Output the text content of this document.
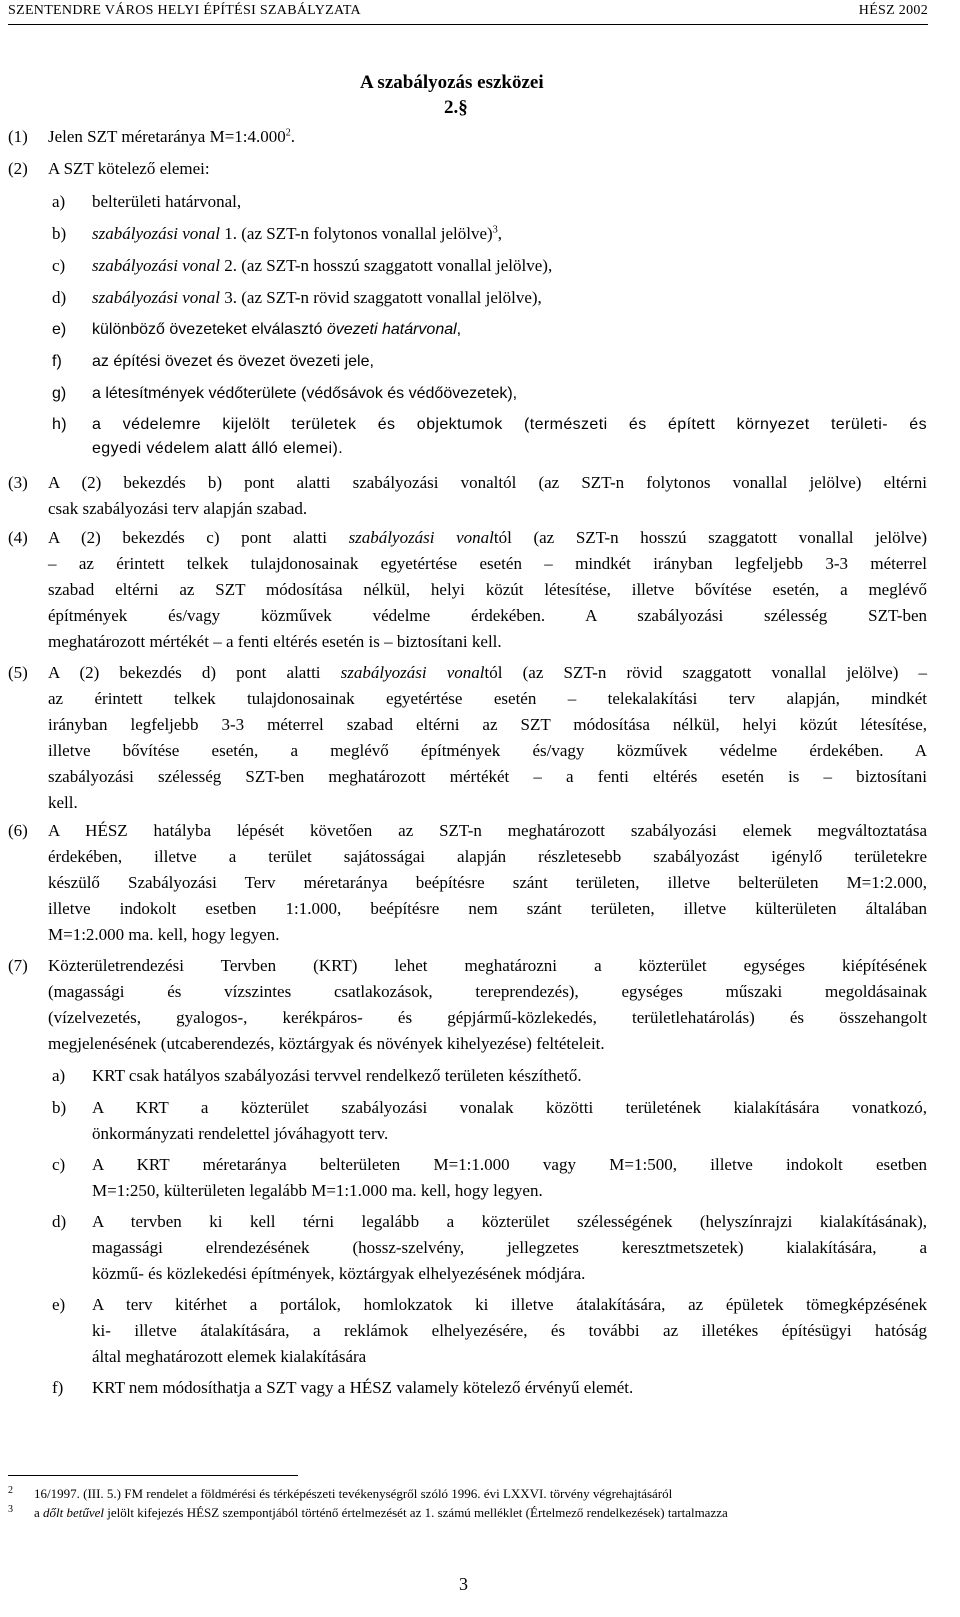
SZENTENDRE VÁROS HELYI ÉPÍTÉSI SZABÁLYZATA	HÉSZ 2002

A szabályozás eszközei

2.§

(1) Jelen SZT méretaránya $M=1:4.000^2$.
(2) A SZT kötelező elemei:
a) belterületi határvonal,
b) szabályozási vonal 1. (az SZT-n folytonos vonallal jelölve)$^3$,
c) szabályozási vonal 2. (az SZT-n hosszú szaggatott vonallal jelölve),
d) szabályozási vonal 3. (az SZT-n rövid szaggatott vonallal jelölve),
e) különböző övezeteket elválasztó övezeti határvonal,
f) az építési övezet és övezet övezeti jele,
g) a létesítmények védőterülete (védősávok és védőövezetek),
h) a védelemre kijelölt területek és objektumok (természeti és épített környezet területi- és
egyedi védelem alatt álló elemei).
(3) A (2) bekezdés b) pont alatti szabályozási vonaltól (az SZT-n folytonos vonallal jelölve) eltérni
csak szabályozási terv alapján szabad.
(4) A (2) bekezdés c) pont alatti szabályozási vonaltól (az SZT-n hosszú szaggatott vonallal jelölve)
– az érintett telkek tulajdonosainak egyetértése esetén – mindkét irányban legfeljebb 3-3 méterrel
szabad eltérni az SZT módosítása nélkül, helyi közút létesítése, illetve bővítése esetén, a meglévő
építmények és/vagy közművek védelme érdekében. A szabályozási szélesség SZT-ben
meghatározott mértékét – a fenti eltérés esetén is – biztosítani kell.
(5) A (2) bekezdés d) pont alatti szabályozási vonaltól (az SZT-n rövid szaggatott vonallal jelölve) –
az érintett telkek tulajdonosainak egyetértése esetén – telekalakítási terv alapján, mindkét
irányban legfeljebb 3-3 méterrel szabad eltérni az SZT módosítása nélkül, helyi közút létesítése,
illetve bővítése esetén, a meglévő építmények és/vagy közművek védelme érdekében. A
szabályozási szélesség SZT-ben meghatározott mértékét – a fenti eltérés esetén is – biztosítani
kell.
(6) A HÉSZ hatályba lépését követően az SZT-n meghatározott szabályozási elemek megváltoztatása
érdekében, illetve a terület sajátosságai alapján részletesebb szabályozást igénylő területekre
készülő Szabályozási Terv méretaránya beépítésre szánt területen, illetve belterületen M=1:2.000,
illetve indokolt esetben 1:1.000, beépítésre nem szánt területen, illetve külterületen általában
M=1:2.000 ma. kell, hogy legyen.
(7) Közterületrendezési Tervben (KRT) lehet meghatározni a közterület egységes kiépítésének
(magassági és vízszintes csatlakozások, tereprendezés), egységes műszaki megoldásainak
(vízelvezetés, gyalogos-, kerékpáros- és gépjármű-közlekedés, területlehatárolás) és összehangolt
megjelenésének (utcaberendezés, köztárgyak és növények kihelyezése) feltételeit.
a) KRT csak hatályos szabályozási tervvel rendelkező területen készíthető.
b) A KRT a közterület szabályozási vonalak közötti területének kialakítására vonatkozó,
önkormányzati rendelettel jóváhagyott terv.
c) A KRT méretaránya belterületen M=1:1.000 vagy M=1:500, illetve indokolt esetben
M=1:250, külterületen legalább M=1:1.000 ma. kell, hogy legyen.
d) A tervben ki kell térni legalább a közterület szélességének (helyszínrajzi kialakításának),
magassági elrendezésének (hossz-szelvény, jellegzetes keresztmetszetek) kialakítására, a
közmű- és közlekedési építmények, köztárgyak elhelyezésének módjára.
e) A terv kitérhet a portálok, homlokzatok ki illetve átalakítására, az épületek tömegképzésének
ki- illetve átalakítására, a reklámok elhelyezésére, és további az illetékes építésügyi hatóság
által meghatározott elemek kialakítására
f) KRT nem módosíthatja a SZT vagy a HÉSZ valamely kötelező érvényű elemét.
2 16/1997. (III. 5.) FM rendelet a földmérési és térképészeti tevékenységről szóló 1996. évi LXXVI. törvény végrehajtásáról
3 a dőlt betűvel jelölt kifejezés HÉSZ szempontjából történő értelmezését az 1. számú melléklet (Értelmező rendelkezések) tartalmazza
3
